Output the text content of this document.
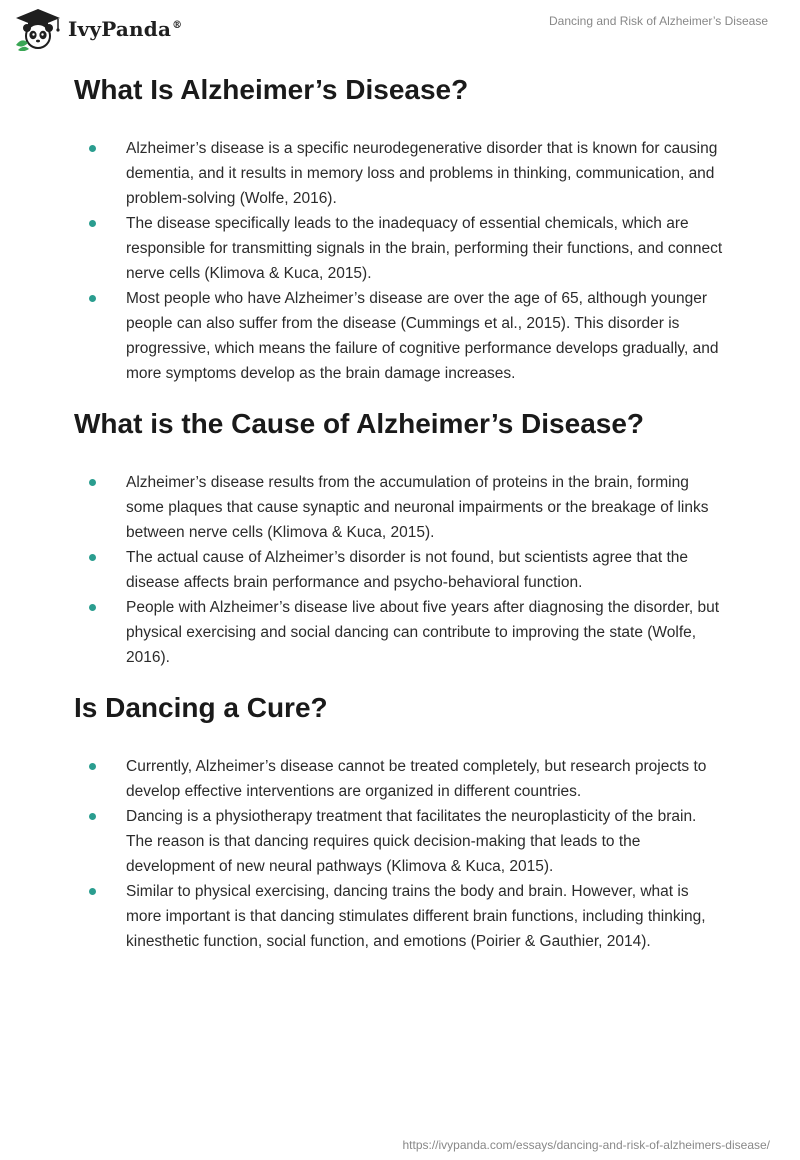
IvyPanda®	Dancing and Risk of Alzheimer’s Disease
What Is Alzheimer’s Disease?
Alzheimer’s disease is a specific neurodegenerative disorder that is known for causing dementia, and it results in memory loss and problems in thinking, communication, and problem-solving (Wolfe, 2016).
The disease specifically leads to the inadequacy of essential chemicals, which are responsible for transmitting signals in the brain, performing their functions, and connect nerve cells (Klimova & Kuca, 2015).
Most people who have Alzheimer’s disease are over the age of 65, although younger people can also suffer from the disease (Cummings et al., 2015). This disorder is progressive, which means the failure of cognitive performance develops gradually, and more symptoms develop as the brain damage increases.
What is the Cause of Alzheimer’s Disease?
Alzheimer’s disease results from the accumulation of proteins in the brain, forming some plaques that cause synaptic and neuronal impairments or the breakage of links between nerve cells (Klimova & Kuca, 2015).
The actual cause of Alzheimer’s disorder is not found, but scientists agree that the disease affects brain performance and psycho-behavioral function.
People with Alzheimer’s disease live about five years after diagnosing the disorder, but physical exercising and social dancing can contribute to improving the state (Wolfe, 2016).
Is Dancing a Cure?
Currently, Alzheimer’s disease cannot be treated completely, but research projects to develop effective interventions are organized in different countries.
Dancing is a physiotherapy treatment that facilitates the neuroplasticity of the brain. The reason is that dancing requires quick decision-making that leads to the development of new neural pathways (Klimova & Kuca, 2015).
Similar to physical exercising, dancing trains the body and brain. However, what is more important is that dancing stimulates different brain functions, including thinking, kinesthetic function, social function, and emotions (Poirier & Gauthier, 2014).
https://ivypanda.com/essays/dancing-and-risk-of-alzheimers-disease/
